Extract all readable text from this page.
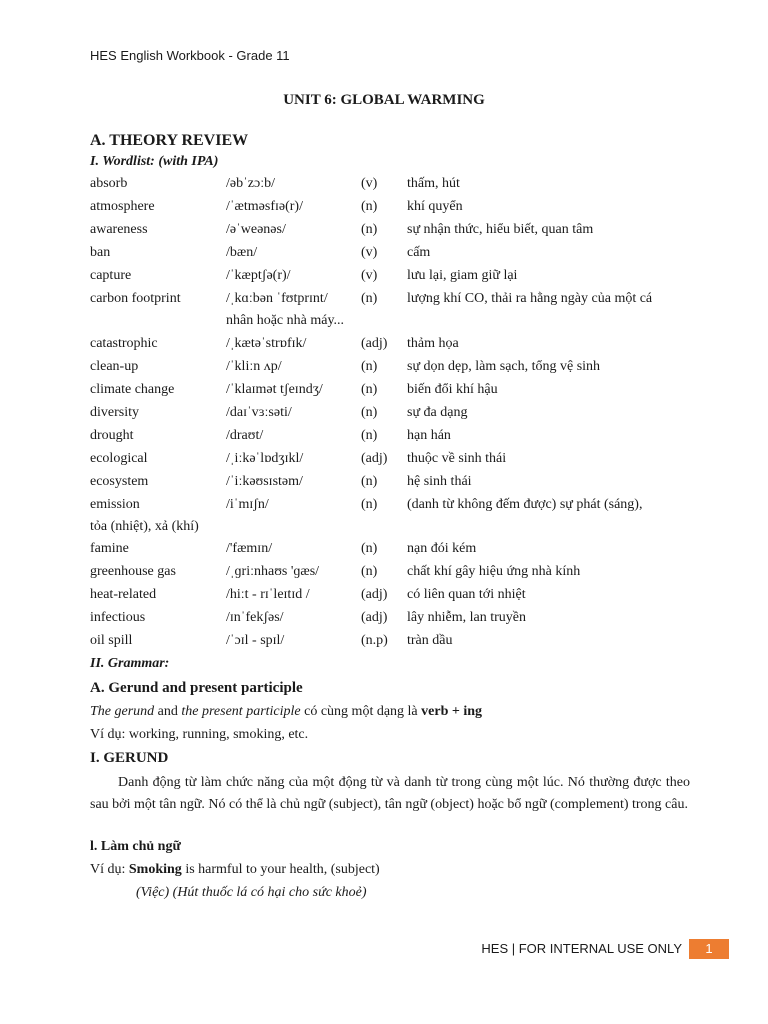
HES English Workbook - Grade 11
UNIT 6: GLOBAL WARMING
A. THEORY REVIEW
I. Wordlist: (with IPA)
absorb	/əbˈzɔːb/	(v) thấm, hút
atmosphere	/ˈætməsfɪə(r)/	(n) khí quyển
awareness	/əˈweənəs/	(n) sự nhận thức, hiểu biết, quan tâm
ban	/bæn/	(v) cấm
capture	/ˈkæptʃə(r)/	(v) lưu lại, giam giữ lại
carbon footprint	/ˌkɑːbən ˈfʊtprɪnt/ (n) lượng khí CO, thải ra hằng ngày của một cá
nhân hoặc nhà máy...
catastrophic	/ˌkætəˈstrɒfɪk/	(adj) thảm họa
clean-up	/ˈkliːn ʌp/	(n) sự dọn dẹp, làm sạch, tổng vệ sinh
climate change	/ˈklaɪmət tʃeɪndʒ/	(n) biến đổi khí hậu
diversity	/daɪˈvɜːsəti/	(n) sự đa dạng
drought	/draʊt/	(n) hạn hán
ecological	/ˌiːkəˈlɒdʒɪkl/	(adj) thuộc về sinh thái
ecosystem	/ˈiːkəʊsɪstəm/	(n) hệ sinh thái
emission	/iˈmɪʃn/	(n) (danh từ không đếm được) sự phát (sáng),
tỏa (nhiệt), xả (khí)
famine	/'fæmɪn/	(n) nạn đói kém
greenhouse gas	/ˌɡriːnhaʊs 'ɡæs/	(n) chất khí gây hiệu ứng nhà kính
heat-related	/hiːt - rɪˈleɪtɪd /	(adj) có liên quan tới nhiệt
infectious	/ɪnˈfekʃəs/	(adj) lây nhiễm, lan truyền
oil spill	/ˈɔɪl - spɪl/	(n.p) tràn dầu
II. Grammar:
A. Gerund and present participle
The gerund and the present participle có cùng một dạng là verb + ing
Ví dụ: working, running, smoking, etc.
I. GERUND
Danh động từ làm chức năng của một động từ và danh từ trong cùng một lúc. Nó thường được theo sau bởi một tân ngữ. Nó có thể là chủ ngữ (subject), tân ngữ (object) hoặc bổ ngữ (complement) trong câu.
l. Làm chủ ngữ
Ví dụ: Smoking is harmful to your health, (subject)
(Việc) (Hút thuốc lá có hại cho sức khoẻ)
HES | FOR INTERNAL USE ONLY	1
